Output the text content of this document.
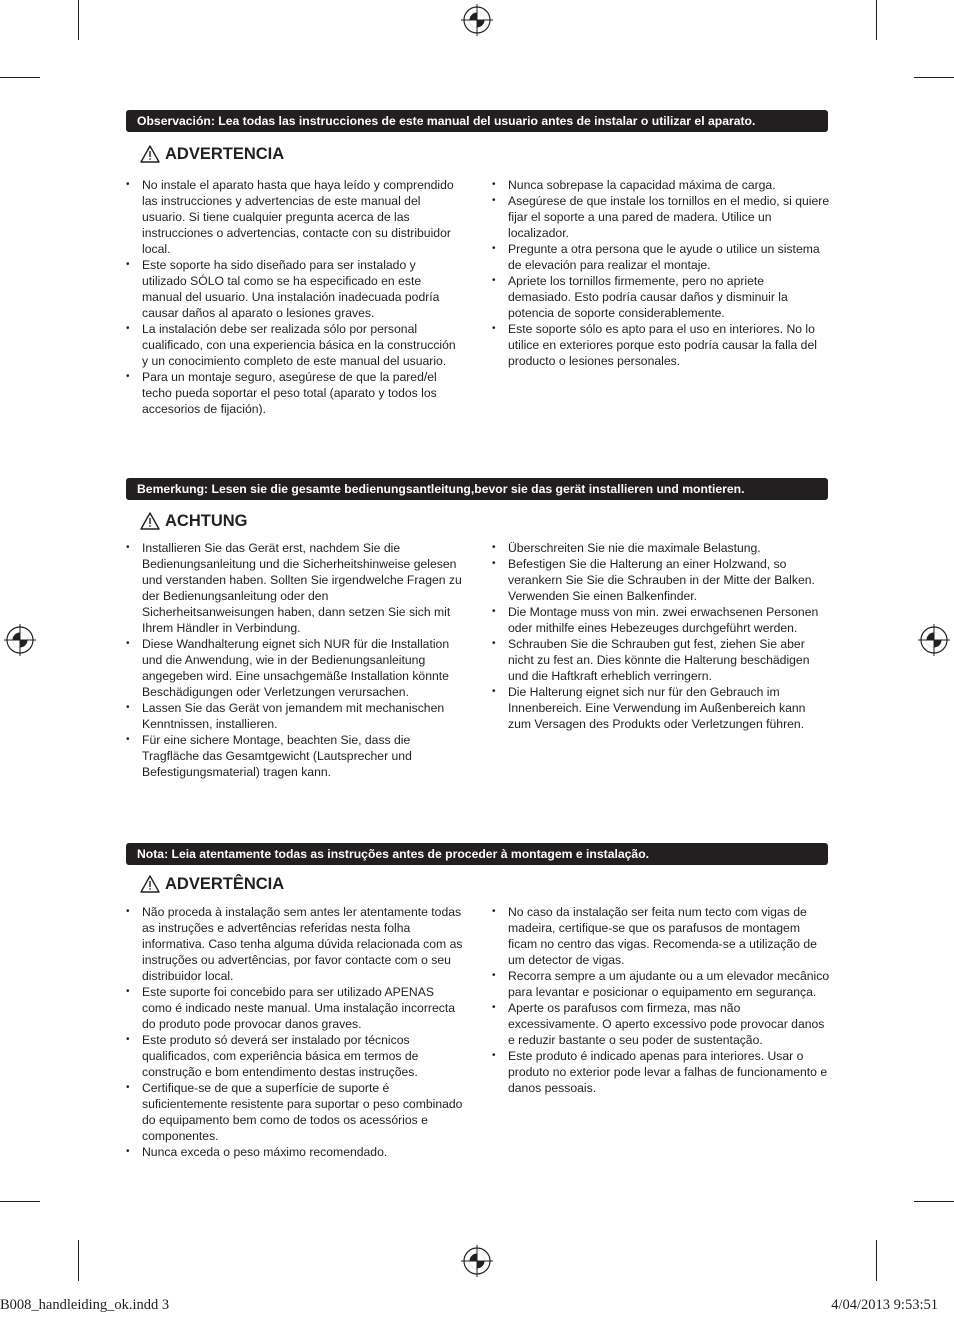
Observación: Lea todas las instrucciones de este manual del usuario antes de instalar o utilizar el aparato.
ADVERTENCIA
• No instale el aparato hasta que haya leído y comprendido las instrucciones y advertencias de este manual del usuario. Si tiene cualquier pregunta acerca de las instrucciones o advertencias, contacte con su distribuidor local.
• Este soporte ha sido diseñado para ser instalado y utilizado SÓLO tal como se ha especificado en este manual del usuario. Una instalación inadecuada podría causar daños al aparato o lesiones graves.
• La instalación debe ser realizada sólo por personal cualificado, con una experiencia básica en la construcción y un conocimiento completo de este manual del usuario.
• Para un montaje seguro, asegúrese de que la pared/el techo pueda soportar el peso total (aparato y todos los accesorios de fijación).
• Nunca sobrepase la capacidad máxima de carga.
• Asegúrese de que instale los tornillos en el medio, si quiere fijar el soporte a una pared de madera. Utilice un localizador.
• Pregunte a otra persona que le ayude o utilice un sistema de elevación para realizar el montaje.
• Apriete los tornillos firmemente, pero no apriete demasiado. Esto podría causar daños y disminuir la potencia de soporte considerablemente.
• Este soporte sólo es apto para el uso en interiores. No lo utilice en exteriores porque esto podría causar la falla del producto o lesiones personales.
Bemerkung: Lesen sie die gesamte bedienungsantleitung,bevor sie das gerät installieren und montieren.
ACHTUNG
• Installieren Sie das Gerät erst, nachdem Sie die Bedienungsanleitung und die Sicherheitshinweise gelesen und verstanden haben. Sollten Sie irgendwelche Fragen zu der Bedienungsanleitung oder den Sicherheitsanweisungen haben, dann setzen Sie sich mit Ihrem Händler in Verbindung.
• Diese Wandhalterung eignet sich NUR für die Installation und die Anwendung, wie in der Bedienungsanleitung angegeben wird. Eine unsachgemäße Installation könnte Beschädigungen oder Verletzungen verursachen.
• Lassen Sie das Gerät von jemandem mit mechanischen Kenntnissen, installieren.
• Für eine sichere Montage, beachten Sie, dass die Tragfläche das Gesamtgewicht (Lautsprecher und Befestigungsmaterial) tragen kann.
• Überschreiten Sie nie die maximale Belastung.
• Befestigen Sie die Halterung an einer Holzwand, so verankern Sie Sie die Schrauben in der Mitte der Balken. Verwenden Sie einen Balkenfinder.
• Die Montage muss von min. zwei erwachsenen Personen oder mithilfe eines Hebezeuges durchgeführt werden.
• Schrauben Sie die Schrauben gut fest, ziehen Sie aber nicht zu fest an. Dies könnte die Halterung beschädigen und die Haftkraft erheblich verringern.
• Die Halterung eignet sich nur für den Gebrauch im Innenbereich. Eine Verwendung im Außenbereich kann zum Versagen des Produkts oder Verletzungen führen.
Nota: Leia atentamente todas as instruções antes de proceder à montagem e instalação.
ADVERTÊNCIA
• Não proceda à instalação sem antes ler atentamente todas as instruções e advertências referidas nesta folha informativa. Caso tenha alguma dúvida relacionada com as instruções ou advertências, por favor contacte com o seu distribuidor local.
• Este suporte foi concebido para ser utilizado APENAS como é indicado neste manual. Uma instalação incorrecta do produto pode provocar danos graves.
• Este produto só deverá ser instalado por técnicos qualificados, com experiência básica em termos de construção e bom entendimento destas instruções.
• Certifique-se de que a superfície de suporte é suficientemente resistente para suportar o peso combinado do equipamento bem como de todos os acessórios e componentes.
• Nunca exceda o peso máximo recomendado.
• No caso da instalação ser feita num tecto com vigas de madeira, certifique-se que os parafusos de montagem ficam no centro das vigas. Recomenda-se a utilização de um detector de vigas.
• Recorra sempre a um ajudante ou a um elevador mecânico para levantar e posicionar o equipamento em segurança.
• Aperte os parafusos com firmeza, mas não excessivamente. O aperto excessivo pode provocar danos e reduzir bastante o seu poder de sustentação.
• Este produto é indicado apenas para interiores. Usar o produto no exterior pode levar a falhas de funcionamento e danos pessoais.
B008_handleiding_ok.indd 3	4/04/2013 9:53:51
